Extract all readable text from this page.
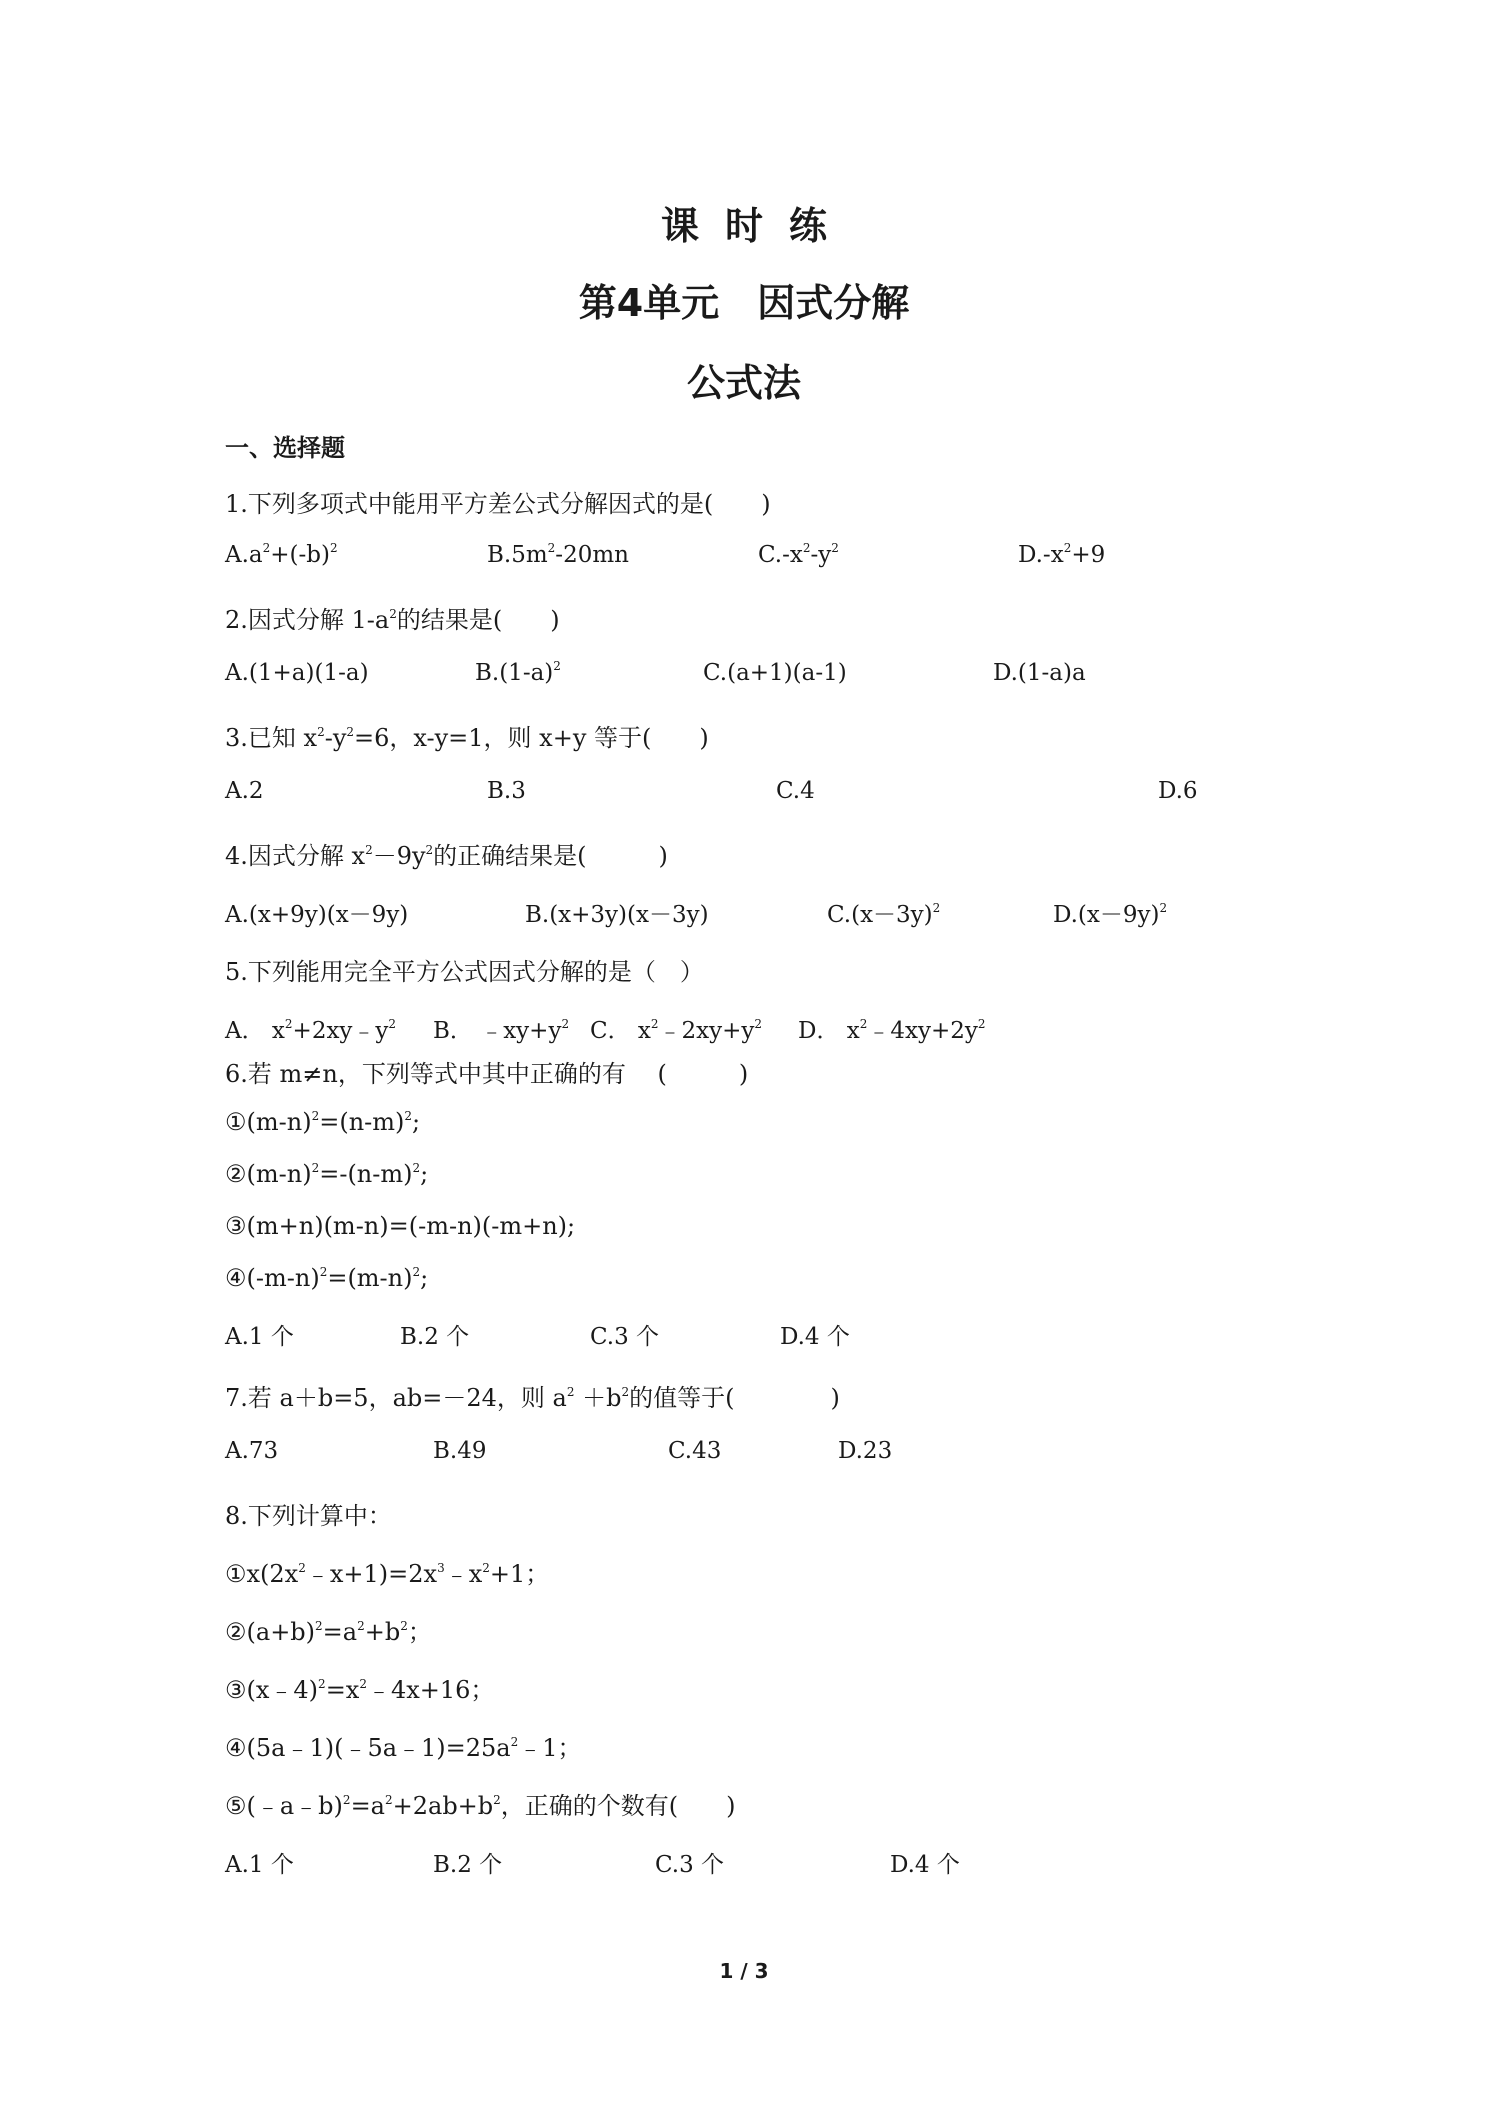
课时练
第4单元　因式分解
公式法
一、选择题
1.下列多项式中能用平方差公式分解因式的是(　　)
$A.a^2+(-b)^2$	$B.5m^2-20mn$	$C.-x^2-y^2$	$D.-x^2+9$
2.因式分解 $1-a^2$的结果是(　　)
A.(1+a)(1-a)	$B.(1-a)^2$	C.(a+1)(a-1)	D.(1-a)a
3.已知 $x^2-y^2=6$，x-y=1，则 x+y 等于(　　)
A.2	B.3	C.4	D.6
4.因式分解 $x^2-9y^2$的正确结果是(　　　)
A.(x+9y)(x－9y)	B.(x+3y)(x－3y)	$C.(x-3y)^2$	$D.(x-9y)^2$
5.下列能用完全平方公式因式分解的是（　）
A． $x^2+2xy﹣y^2$ B． $﹣xy+y^2$ C． $x^2﹣2xy+y^2$ D． $x^2﹣4xy+2y^2$
6.若 m≠n，下列等式中其中正确的有　 (　　　)
$①(m-n)^2=(n-m)^2$;
$②(m-n)^2=-(n-m)^2$;
③(m+n)(m-n)=(-m-n)(-m+n);
$④(-m-n)^2=(m-n)^2$;
A.1 个	B.2 个	C.3 个	D.4 个
7.若 a＋b=5，ab=－24，则 $a^2 +b^2$的值等于(　　　　)
A.73	B.49	C.43	D.23
8.下列计算中：
$①x(2x^2﹣x+1)=2x^3﹣x^2+1$；
$②(a+b)^2=a^2+b^2$；
$③(x﹣4)^2=x^2﹣4x+16$；
$④(5a﹣1)(﹣5a﹣1)=25a^2﹣1$；
$⑤(﹣a﹣b)^2=a^2+2ab+b^2$，正确的个数有(　　)
A.1 个	B.2 个	C.3 个	D.4 个
1 / 3
